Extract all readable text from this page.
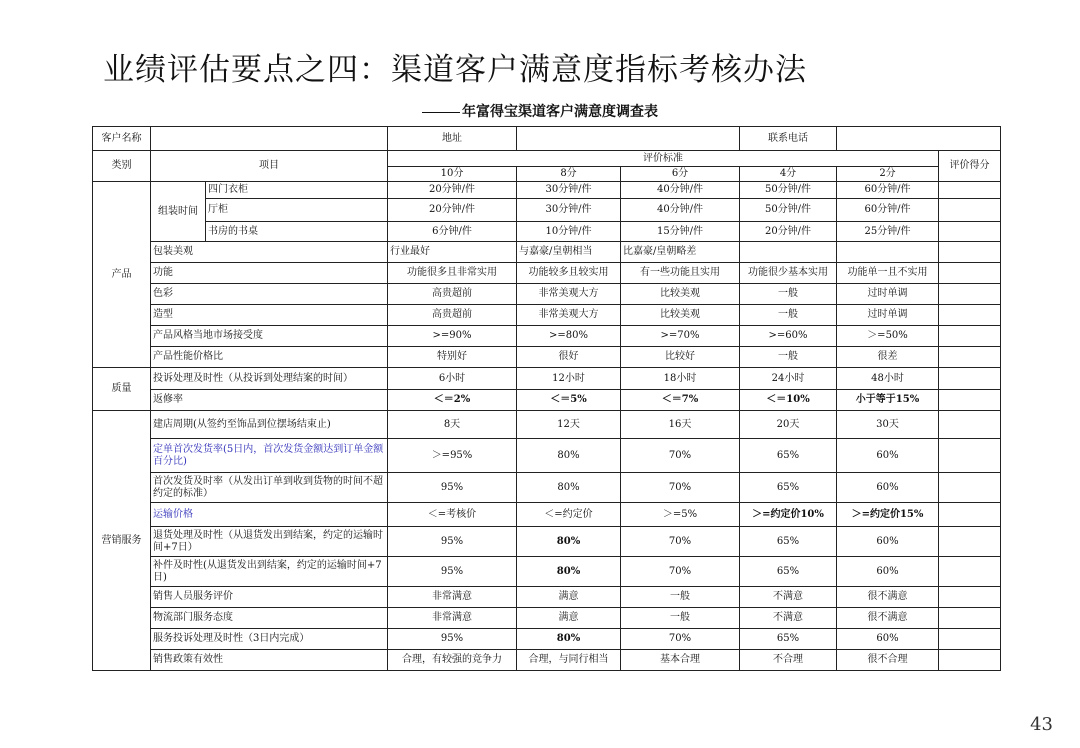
业绩评估要点之四：渠道客户满意度指标考核办法
年富得宝渠道客户满意度调查表
客户名称			地址			联系电话		
类别	项目		评价标准					评价得分
			10分	8分	6分	4分	2分	
产品	组装时间	四门衣柜	20分钟/件	30分钟/件	40分钟/件	50分钟/件	60分钟/件	
		厅柜	20分钟/件	30分钟/件	40分钟/件	50分钟/件	60分钟/件	
		书房的书桌	6分钟/件	10分钟/件	15分钟/件	20分钟/件	25分钟/件	
	包装美观		行业最好	与嘉豪/皇朝相当	比嘉豪/皇朝略差			
	功能		功能很多且非常实用	功能较多且较实用	有一些功能且实用	功能很少基本实用	功能单一且不实用	
	色彩		高贵超前	非常美观大方	比较美观	一般	过时单调	
	造型		高贵超前	非常美观大方	比较美观	一般	过时单调	
	产品风格当地市场接受度		>=90%	>=80%	>=70%	>=60%	＞=50%	
	产品性能价格比		特别好	很好	比较好	一般	很差	
质量	投诉处理及时性（从投诉到处理结案的时间）		6小时	12小时	18小时	24小时	48小时	
	返修率		＜＝2%	＜＝5%	＜＝7%	＜＝10%	小于等于15%	
营销服务	建店周期(从签约至饰品到位摆场结束止)		8天	12天	16天	20天	30天	
	定单首次发货率(5日内，首次发货金额达到订单金额百分比)		＞=95%	80%	70%	65%	60%	
	首次发货及时率（从发出订单到收到货物的时间不超约定的标准）		95%	80%	70%	65%	60%	
	运输价格		＜=考核价	＜=约定价	＞=5%	＞=约定价10%	＞=约定价15%	
	退货处理及时性（从退货发出到结案，约定的运输时间+7日）		95%	80%	70%	65%	60%	
	补件及时性(从退货发出到结案，约定的运输时间+7日)		95%	80%	70%	65%	60%	
	销售人员服务评价		非常满意	满意	一般	不满意	很不满意	
	物流部门服务态度		非常满意	满意	一般	不满意	很不满意	
	服务投诉处理及时性（3日内完成）		95%	80%	70%	65%	60%	
	销售政策有效性		合理，有较强的竞争力	合理，与同行相当	基本合理	不合理	很不合理	
43
